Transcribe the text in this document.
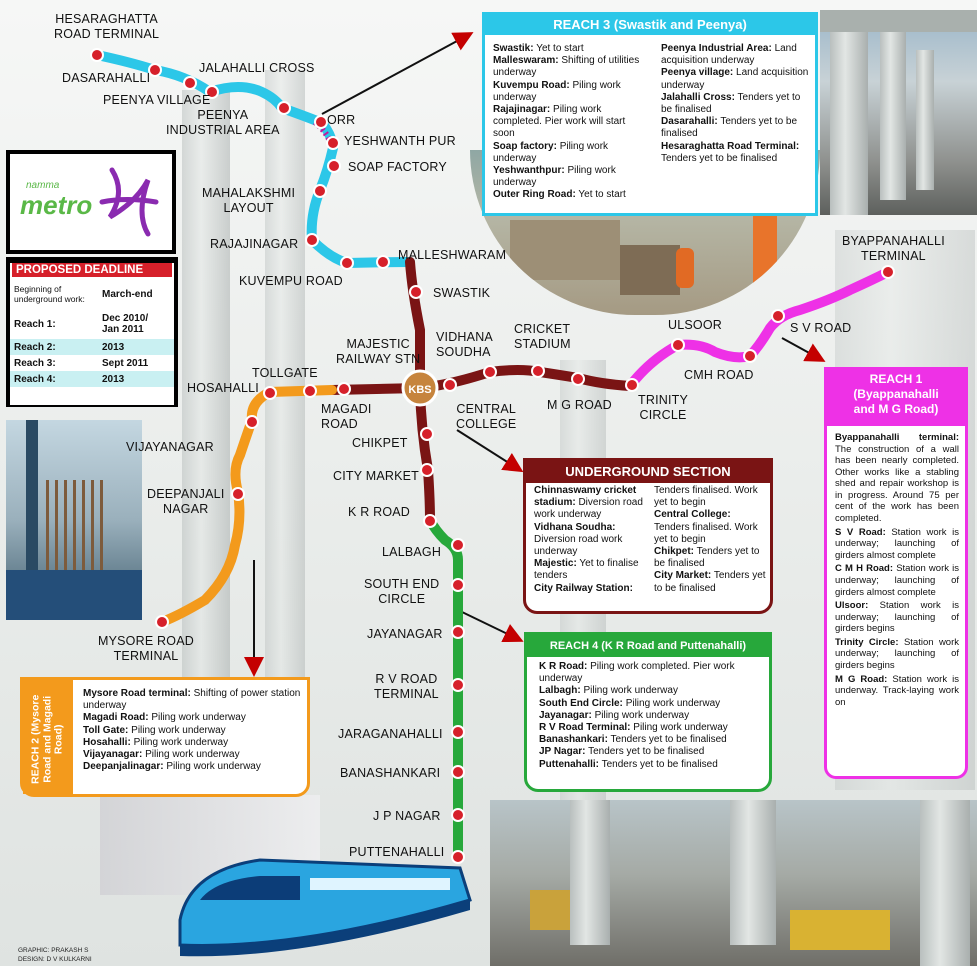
KBS
HESARAGHATTA
ROAD TERMINAL
DASARAHALLI
JALAHALLI CROSS
PEENYA VILLAGE
PEENYA
INDUSTRIAL AREA
ORR
YESHWANTH PUR
SOAP FACTORY
MAHALAKSHMI
LAYOUT
RAJAJINAGAR
KUVEMPU ROAD
MALLESHWARAM
SWASTIK
MAJESTIC
RAILWAY STN
VIDHANA
SOUDHA
CRICKET
STADIUM
ULSOOR	S V ROAD
BYAPPANAHALLI
TERMINAL
CMH ROAD
M G ROAD TRINITY
CIRCLE
CENTRAL
COLLEGE
TOLLGATE
HOSAHALLI
MAGADI
ROAD
VIJAYANAGAR	CHIKPET
CITY MARKET
DEEPANJALI
NAGAR	K R ROAD
LALBAGH
SOUTH END
CIRCLE
JAYANAGAR
R V ROAD
TERMINAL
JARAGANAHALLI
BANASHANKARI
J P NAGAR
PUTTENAHALLI
MYSORE ROAD
TERMINAL
namma
metro
PROPOSED DEADLINE
Beginning of
underground work:	March-end
Reach 1:	Dec 2010/
Jan 2011
Reach 2:	2013
Reach 3:	Sept 2011
Reach 4:	2013
REACH 3 (Swastik and Peenya)
Swastik: Yet to start
Malleswaram: Shifting of utilities underway
Kuvempu Road: Piling work underway
Rajajinagar: Piling work completed. Pier work will start soon
Soap factory: Piling work underway
Yeshwanthpur: Piling work underway
Outer Ring Road: Yet to start
Peenya Industrial Area: Land acquisition underway
Peenya village: Land acquisition underway
Jalahalli Cross: Tenders yet to be finalised
Dasarahalli: Tenders yet to be finalised
Hesaraghatta Road Terminal: Tenders yet to be finalised
UNDERGROUND SECTION
Chinnaswamy cricket stadium: Diversion road work underway
Vidhana Soudha: Diversion road work underway
Majestic: Yet to finalise tenders
City Railway Station:
Tenders finalised. Work yet to begin
Central College: Tenders finalised. Work yet to begin
Chikpet: Tenders yet to be finalised
City Market: Tenders yet to be finalised
REACH 4 (K R Road and Puttenahalli)
K R Road: Piling work completed. Pier work underway
Lalbagh: Piling work underway
South End Circle: Piling work underway
Jayanagar: Piling work underway
R V Road Terminal: Piling work underway
Banashankari: Tenders yet to be finalised
JP Nagar: Tenders yet to be finalised
Puttenahalli: Tenders yet to be finalised
REACH 2 (Mysore Road and Magadi Road)
Mysore Road terminal: Shifting of power station underway
Magadi Road: Piling work underway
Toll Gate: Piling work underway
Hosahalli: Piling work underway
Vijayanagar: Piling work underway
Deepanjalinagar: Piling work underway
REACH 1
(Byappanahalli
and M G Road)
Byappanahalli terminal: The construction of a wall has been nearly completed. Other works like a stabling shed and repair workshop is in progress. Around 75 per cent of the work has been completed.
S V Road: Station work is underway; launching of girders almost complete
C M H Road: Station work is underway; launching of girders almost complete
Ulsoor: Station work is underway; launching of girders begins
Trinity Circle: Station work underway; launching of girders begins
M G Road: Station work is underway. Track-laying work on
GRAPHIC: PRAKASH S
DESIGN: D V KULKARNI
